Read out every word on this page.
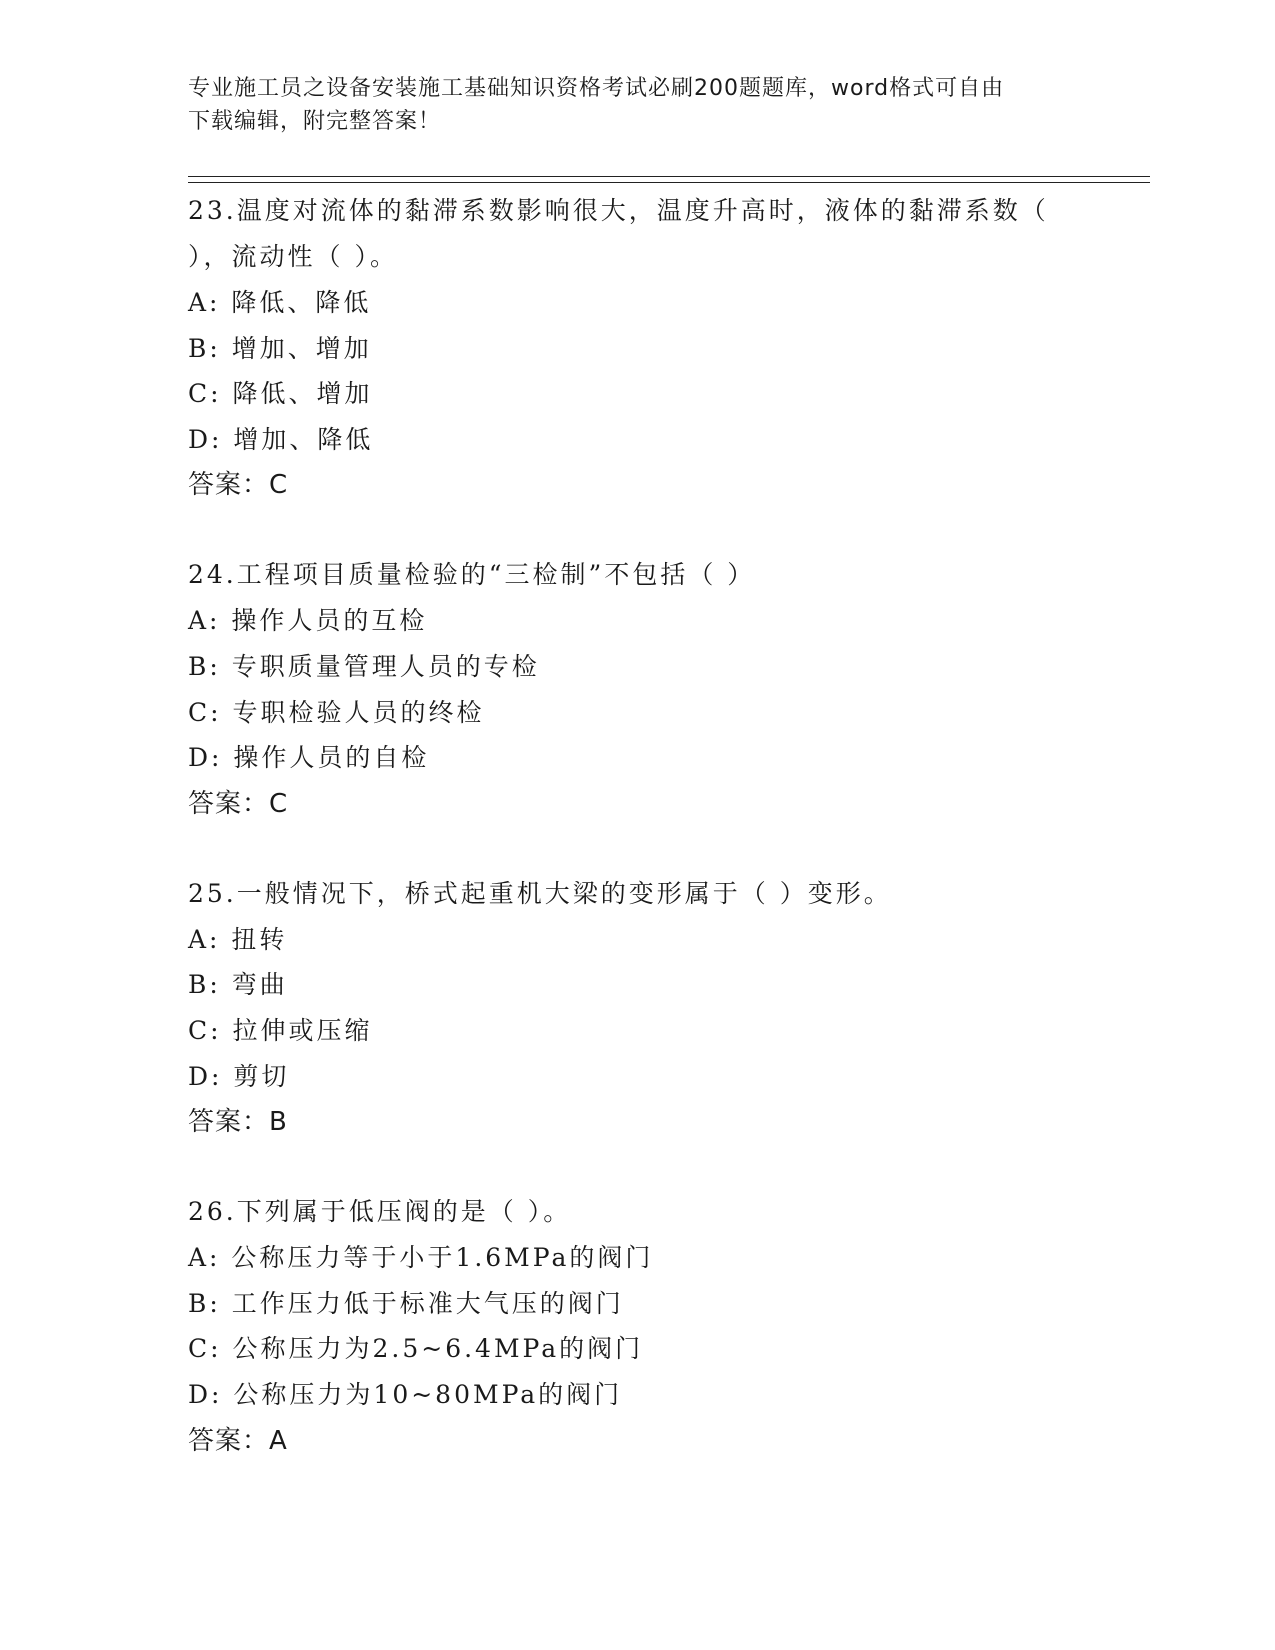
专业施工员之设备安装施工基础知识资格考试必刷200题题库，word格式可自由
下载编辑，附完整答案！

23.温度对流体的黏滞系数影响很大，温度升高时，液体的黏滞系数（

），流动性（ ）。

A: 降低、降低

B: 增加、增加

C: 降低、增加

D: 增加、降低

答案：C

24.工程项目质量检验的“三检制”不包括（ ）

A: 操作人员的互检

B: 专职质量管理人员的专检

C: 专职检验人员的终检

D: 操作人员的自检

答案：C

25.一般情况下，桥式起重机大梁的变形属于（ ）变形。

A: 扭转

B: 弯曲

C: 拉伸或压缩

D: 剪切

答案：B

26.下列属于低压阀的是（ ）。

A: 公称压力等于小于1.6MPa的阀门

B: 工作压力低于标准大气压的阀门

C: 公称压力为2.5~6.4MPa的阀门

D: 公称压力为10~80MPa的阀门

答案：A
